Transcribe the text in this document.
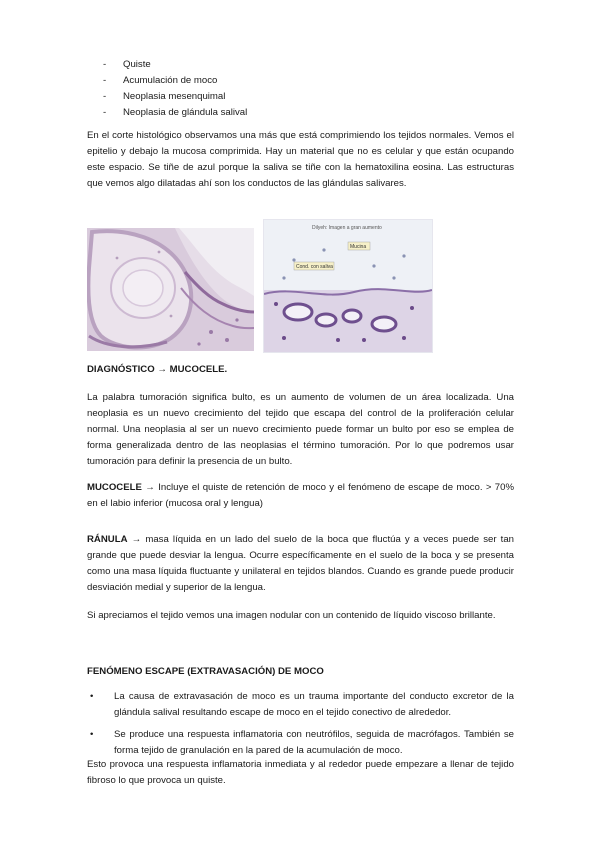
- Quiste
- Acumulación de moco
- Neoplasia mesenquimal
- Neoplasia de glándula salival

En el corte histológico observamos una más que está comprimiendo los tejidos normales. Vemos el epitelio y debajo la mucosa comprimida. Hay un material que no es celular y que están ocupando este espacio. Se tiñe de azul porque la saliva se tiñe con la hematoxilina eosina. Las estructuras que vemos algo dilatadas ahí son los conductos de las glándulas salivares.

Dilyeh: Imagen a gran aumento
Mucina
Cond. con saliva
DIAGNÓSTICO → MUCOCELE.

La palabra tumoración significa bulto, es un aumento de volumen de un área localizada. Una neoplasia es un nuevo crecimiento del tejido que escapa del control de la proliferación celular normal. Una neoplasia al ser un nuevo crecimiento puede formar un bulto por eso se emplea de forma generalizada dentro de las neoplasias el término tumoración. Por lo que podremos usar tumoración para definir la presencia de un bulto.

MUCOCELE → Incluye el quiste de retención de moco y el fenómeno de escape de moco. > 70% en el labio inferior (mucosa oral y lengua)

RÁNULA → masa líquida en un lado del suelo de la boca que fluctúa y a veces puede ser tan grande que puede desviar la lengua. Ocurre específicamente en el suelo de la boca y se presenta como una masa líquida fluctuante y unilateral en tejidos blandos. Cuando es grande puede producir desviación medial y superior de la lengua.

Si apreciamos el tejido vemos una imagen nodular con un contenido de líquido viscoso brillante.

FENÓMENO ESCAPE (EXTRAVASACIÓN) DE MOCO
• La causa de extravasación de moco es un trauma importante del conducto excretor de la glándula salival resultando escape de moco en el tejido conectivo de alrededor.
• Se produce una respuesta inflamatoria con neutrófilos, seguida de macrófagos. También se forma tejido de granulación en la pared de la acumulación de moco.

Esto provoca una respuesta inflamatoria inmediata y al rededor puede empezare a llenar de tejido fibroso lo que provoca un quiste.
